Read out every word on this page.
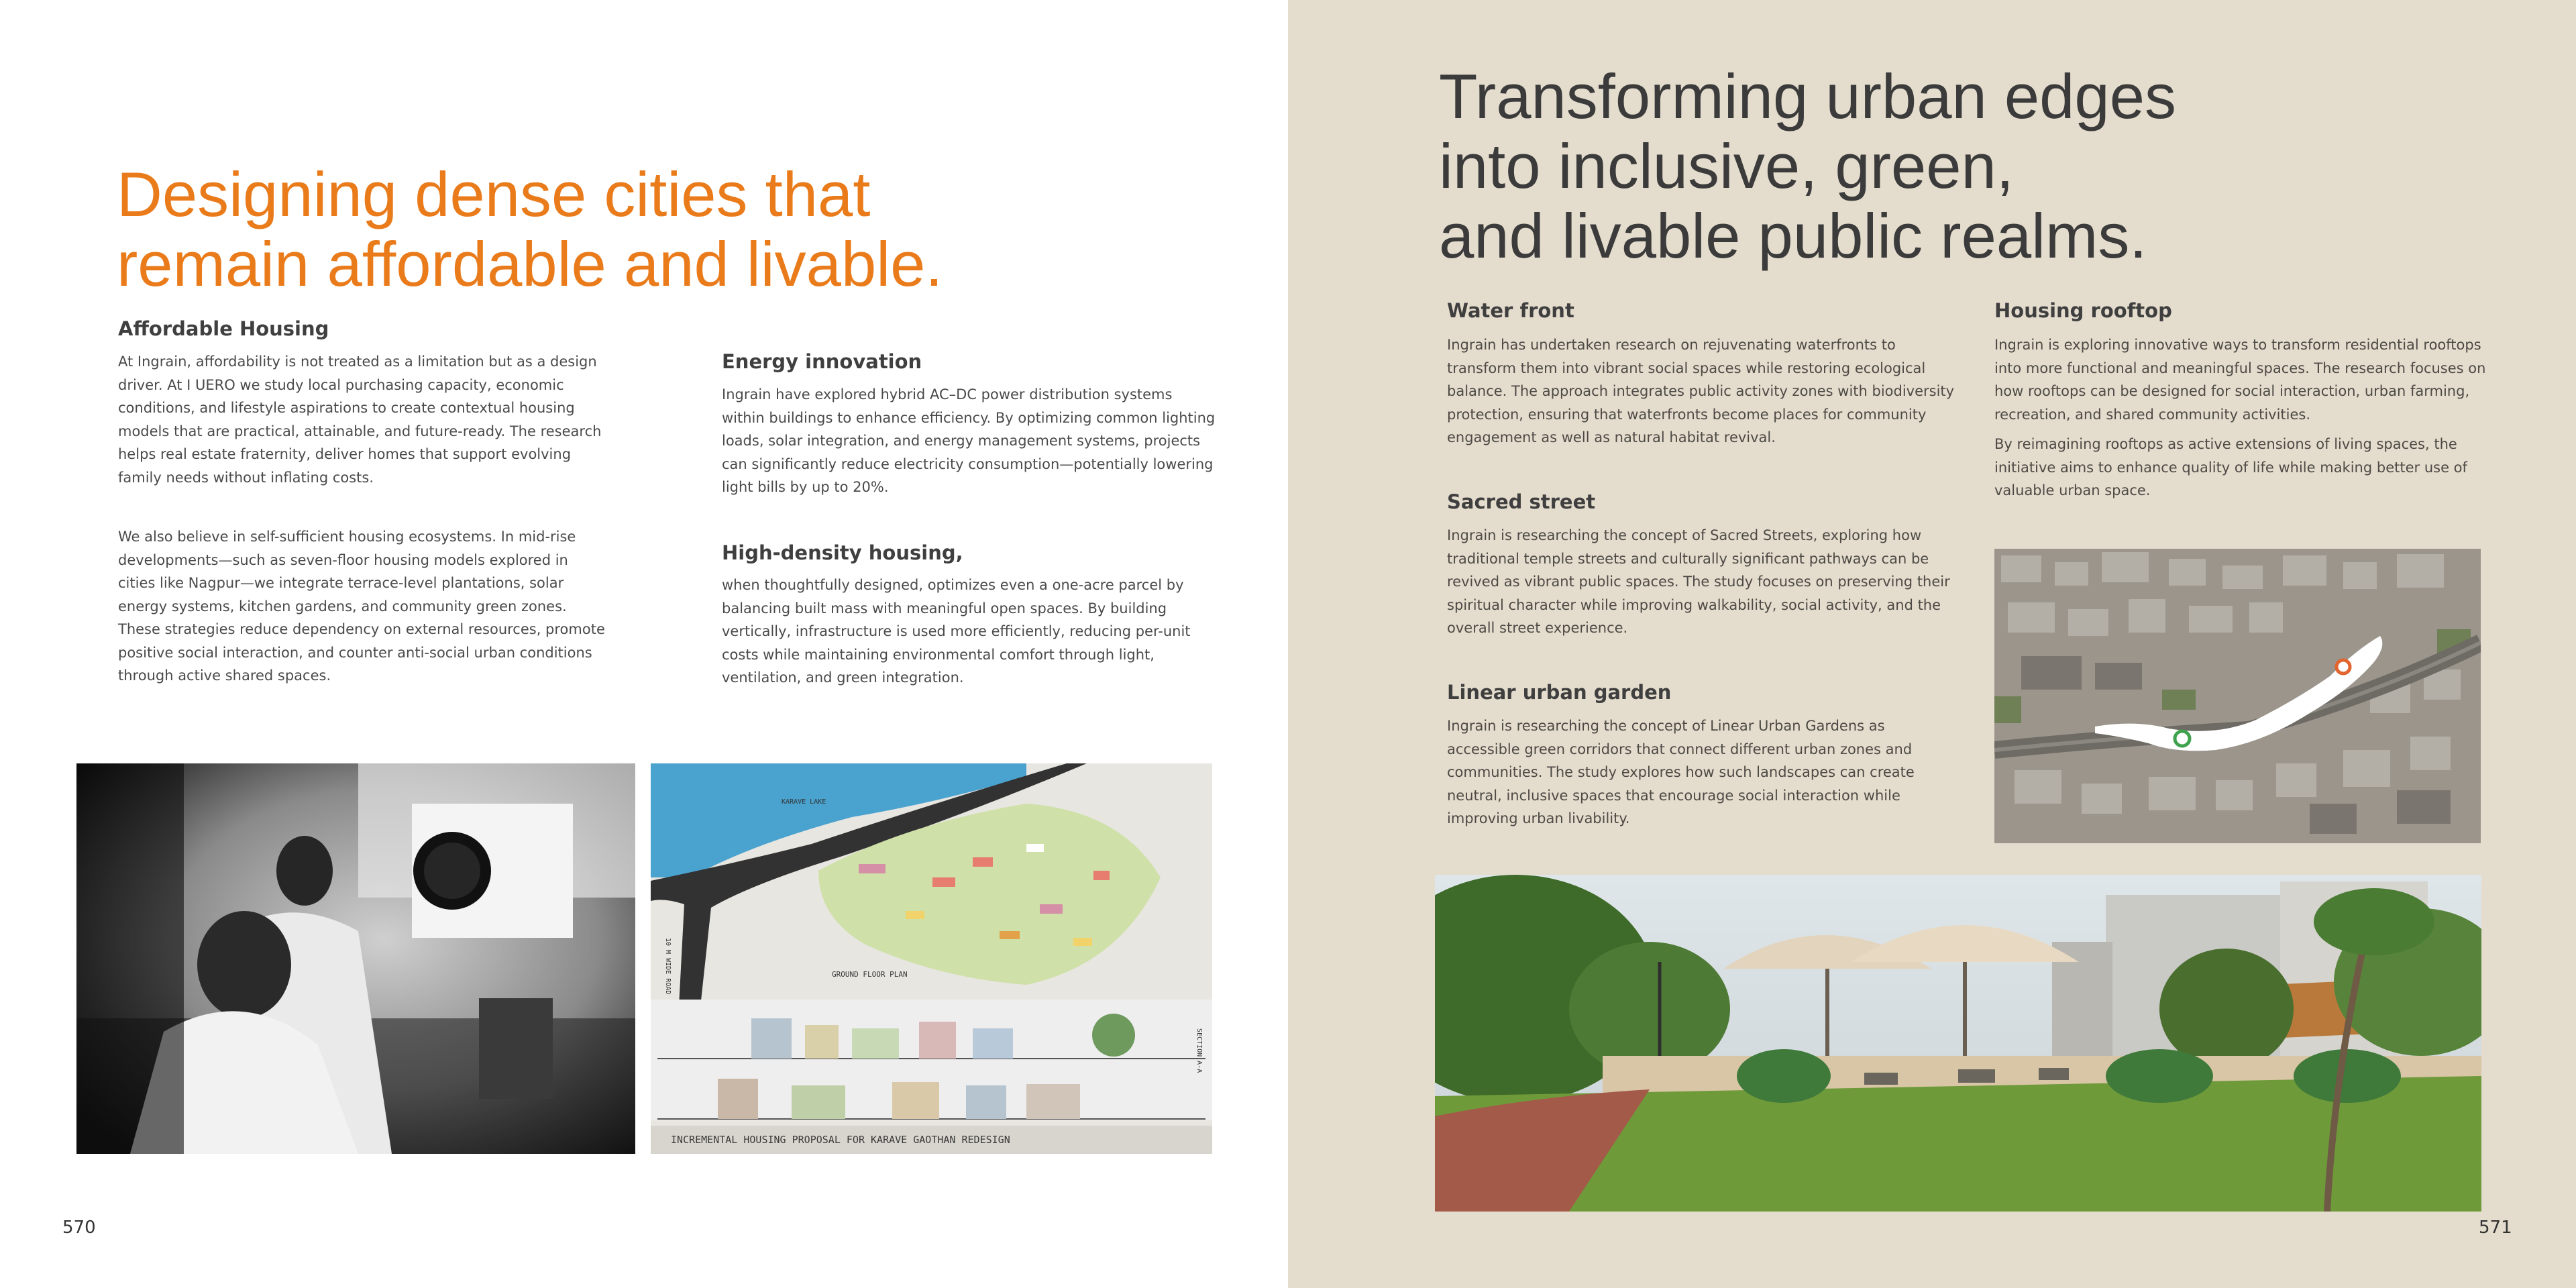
Designing dense cities that
remain affordable and livable.
Affordable Housing

At Ingrain, affordability is not treated as a limitation but as a design driver. At I UERO we study local purchasing capacity, economic conditions, and lifestyle aspirations to create contextual housing models that are practical, attainable, and future-ready. The research helps real estate fraternity, deliver homes that support evolving family needs without inflating costs.

We also believe in self-sufficient housing ecosystems. In mid-rise developments—such as seven-floor housing models explored in cities like Nagpur—we integrate terrace-level plantations, solar energy systems, kitchen gardens, and community green zones. These strategies reduce dependency on external resources, promote positive social interaction, and counter anti-social urban conditions through active shared spaces.

Energy innovation

Ingrain have explored hybrid AC–DC power distribution systems within buildings to enhance efficiency. By optimizing common lighting loads, solar integration, and energy management systems, projects can significantly reduce electricity consumption—potentially lowering light bills by up to 20%.

High-density housing,

when thoughtfully designed, optimizes even a one-acre parcel by balancing built mass with meaningful open spaces. By building vertically, infrastructure is used more efficiently, reducing per-unit costs while maintaining environmental comfort through light, ventilation, and green integration.

KARAVE LAKE
10 M WIDE ROAD	GROUND FLOOR PLAN
SECTION A-A
INCREMENTAL HOUSING PROPOSAL FOR KARAVE GAOTHAN REDESIGN

570

Transforming urban edges
into inclusive, green,
and livable public realms.
Water front

Ingrain has undertaken research on rejuvenating waterfronts to transform them into vibrant social spaces while restoring ecological balance. The approach integrates public activity zones with biodiversity protection, ensuring that waterfronts become places for community engagement as well as natural habitat revival.

Sacred street

Ingrain is researching the concept of Sacred Streets, exploring how traditional temple streets and culturally significant pathways can be revived as vibrant public spaces. The study focuses on preserving their spiritual character while improving walkability, social activity, and the overall street experience.

Linear urban garden

Ingrain is researching the concept of Linear Urban Gardens as accessible green corridors that connect different urban zones and communities. The study explores how such landscapes can create neutral, inclusive spaces that encourage social interaction while improving urban livability.

Housing rooftop

Ingrain is exploring innovative ways to transform residential rooftops into more functional and meaningful spaces. The research focuses on how rooftops can be designed for social interaction, urban farming, recreation, and shared community activities.

By reimagining rooftops as active extensions of living spaces, the initiative aims to enhance quality of life while making better use of valuable urban space.

571
